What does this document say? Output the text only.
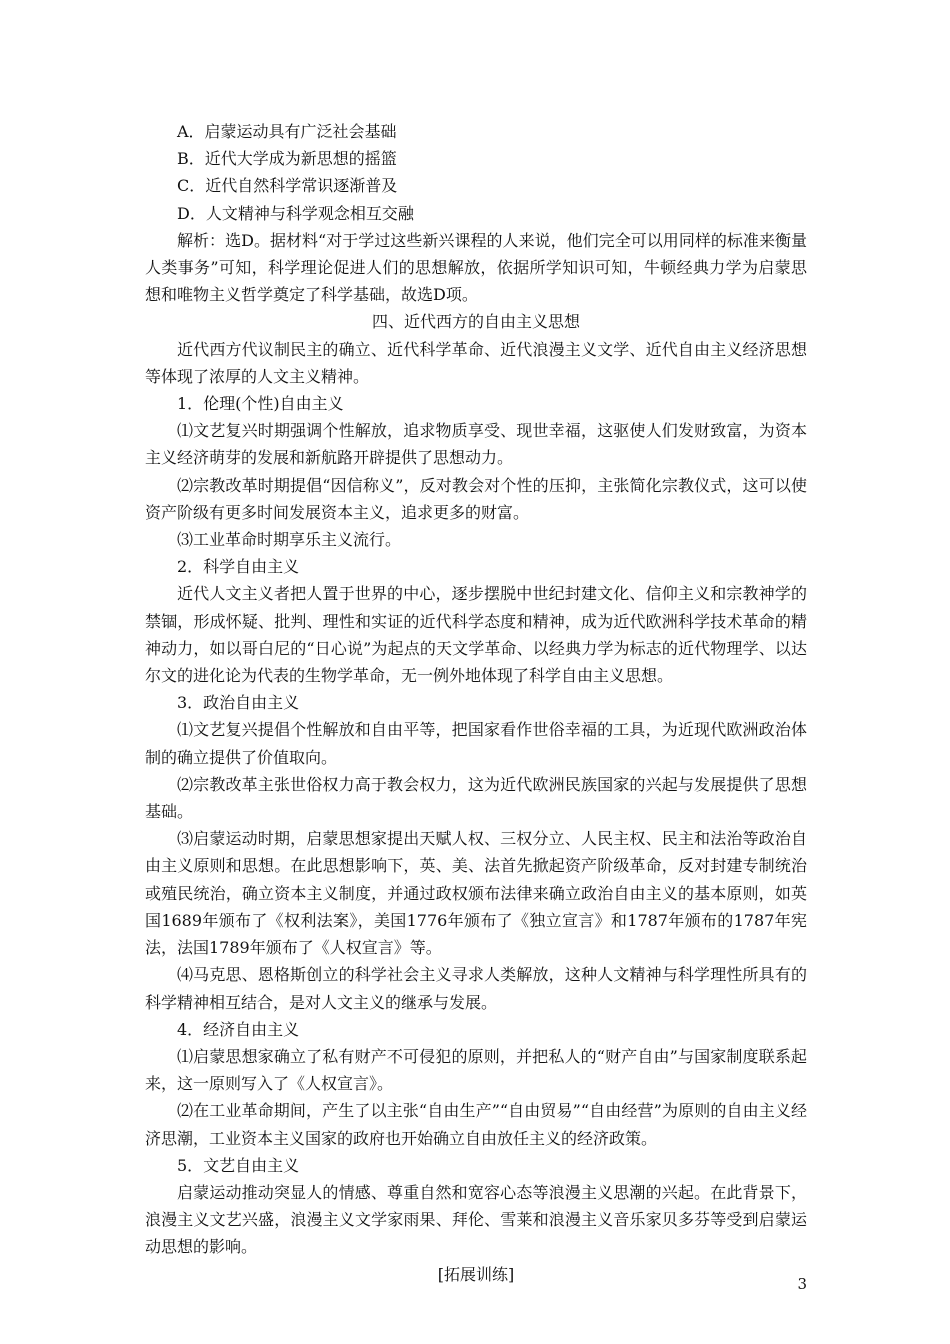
A．启蒙运动具有广泛社会基础

B．近代大学成为新思想的摇篮

C．近代自然科学常识逐渐普及

D．人文精神与科学观念相互交融

解析：选D。据材料“对于学过这些新兴课程的人来说，他们完全可以用同样的标准来衡量人类事务”可知，科学理论促进人们的思想解放，依据所学知识可知，牛顿经典力学为启蒙思想和唯物主义哲学奠定了科学基础，故选D项。

四、近代西方的自由主义思想

近代西方代议制民主的确立、近代科学革命、近代浪漫主义文学、近代自由主义经济思想等体现了浓厚的人文主义精神。

1．伦理(个性)自由主义

⑴文艺复兴时期强调个性解放，追求物质享受、现世幸福，这驱使人们发财致富，为资本主义经济萌芽的发展和新航路开辟提供了思想动力。

⑵宗教改革时期提倡“因信称义”，反对教会对个性的压抑，主张简化宗教仪式，这可以使资产阶级有更多时间发展资本主义，追求更多的财富。

⑶工业革命时期享乐主义流行。

2．科学自由主义

近代人文主义者把人置于世界的中心，逐步摆脱中世纪封建文化、信仰主义和宗教神学的禁锢，形成怀疑、批判、理性和实证的近代科学态度和精神，成为近代欧洲科学技术革命的精神动力，如以哥白尼的“日心说”为起点的天文学革命、以经典力学为标志的近代物理学、以达尔文的进化论为代表的生物学革命，无一例外地体现了科学自由主义思想。

3．政治自由主义

⑴文艺复兴提倡个性解放和自由平等，把国家看作世俗幸福的工具，为近现代欧洲政治体制的确立提供了价值取向。

⑵宗教改革主张世俗权力高于教会权力，这为近代欧洲民族国家的兴起与发展提供了思想基础。

⑶启蒙运动时期，启蒙思想家提出天赋人权、三权分立、人民主权、民主和法治等政治自由主义原则和思想。在此思想影响下，英、美、法首先掀起资产阶级革命，反对封建专制统治或殖民统治，确立资本主义制度，并通过政权颁布法律来确立政治自由主义的基本原则，如英国1689年颁布了《权利法案》，美国1776年颁布了《独立宣言》和1787年颁布的1787年宪法，法国1789年颁布了《人权宣言》等。

⑷马克思、恩格斯创立的科学社会主义寻求人类解放，这种人文精神与科学理性所具有的科学精神相互结合，是对人文主义的继承与发展。

4．经济自由主义

⑴启蒙思想家确立了私有财产不可侵犯的原则，并把私人的“财产自由”与国家制度联系起来，这一原则写入了《人权宣言》。

⑵在工业革命期间，产生了以主张“自由生产”“自由贸易”“自由经营”为原则的自由主义经济思潮，工业资本主义国家的政府也开始确立自由放任主义的经济政策。

5．文艺自由主义

启蒙运动推动突显人的情感、尊重自然和宽容心态等浪漫主义思潮的兴起。在此背景下，浪漫主义文艺兴盛，浪漫主义文学家雨果、拜伦、雪莱和浪漫主义音乐家贝多芬等受到启蒙运动思想的影响。

[拓展训练]

3
